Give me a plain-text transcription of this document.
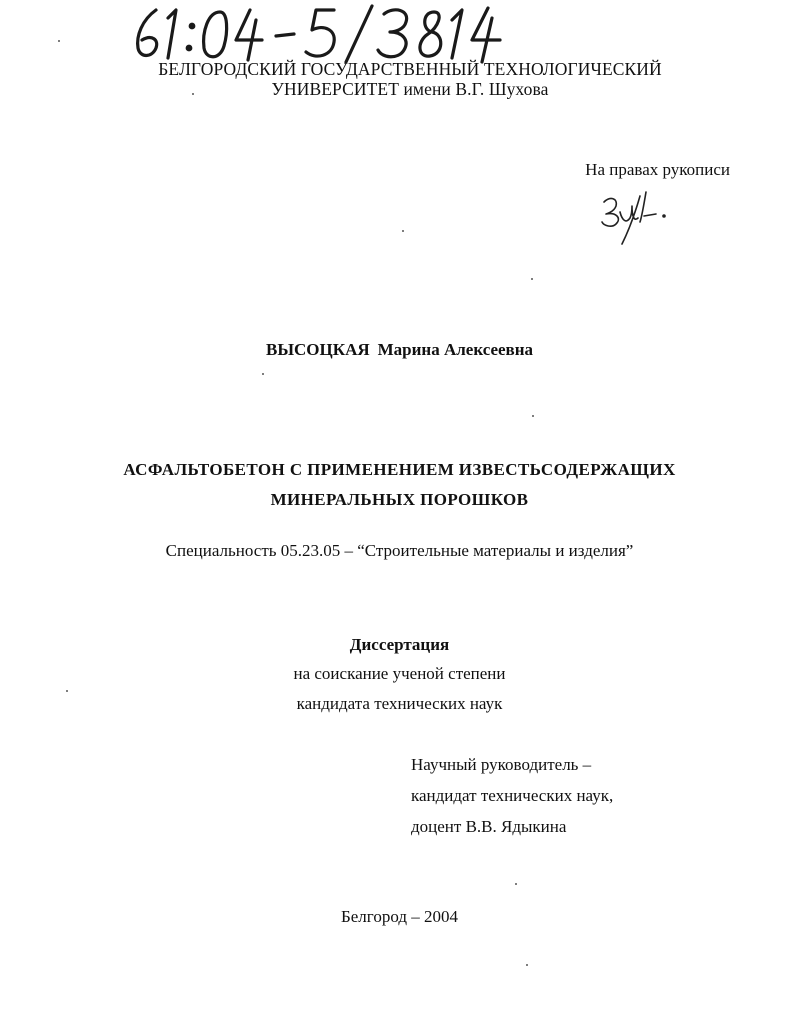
БЕЛГОРОДСКИЙ ГОСУДАРСТВЕННЫЙ ТЕХНОЛОГИЧЕСКИЙ
УНИВЕРСИТЕТ имени В.Г. Шухова
На правах рукописи
ВЫСОЦКАЯ Марина Алексеевна
АСФАЛЬТОБЕТОН С ПРИМЕНЕНИЕМ ИЗВЕСТЬСОДЕРЖАЩИХ
МИНЕРАЛЬНЫХ ПОРОШКОВ
Специальность 05.23.05 – “Строительные материалы и изделия”
Диссертация
на соискание ученой степени
кандидата технических наук
Научный руководитель –
кандидат технических наук,
доцент В.В. Ядыкина
Белгород – 2004
